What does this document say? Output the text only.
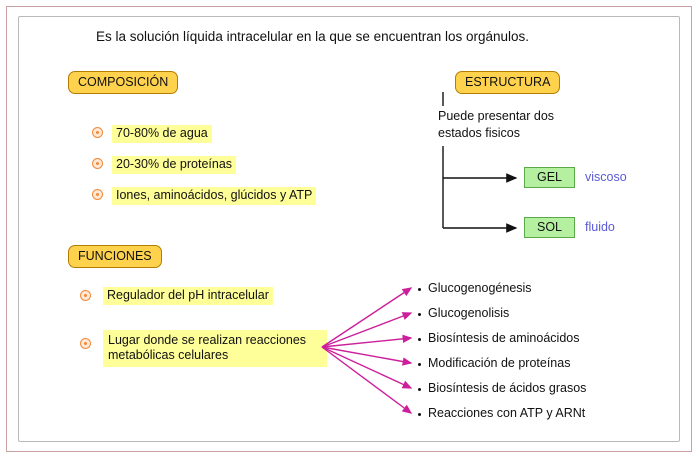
Es la solución líquida intracelular en la que se encuentran los orgánulos.
COMPOSICIÓN
70-80% de agua
20-30% de proteínas
Iones, aminoácidos, glúcidos y ATP
ESTRUCTURA
Puede presentar dos
estados fisicos
GEL	viscoso
SOL	fluido
FUNCIONES
Regulador del pH intracelular
Lugar donde se realizan reacciones metabólicas celulares
Glucogenogénesis
Glucogenolisis
Biosíntesis de aminoácidos
Modificación de proteínas
Biosíntesis de ácidos grasos
Reacciones con ATP y ARNt
